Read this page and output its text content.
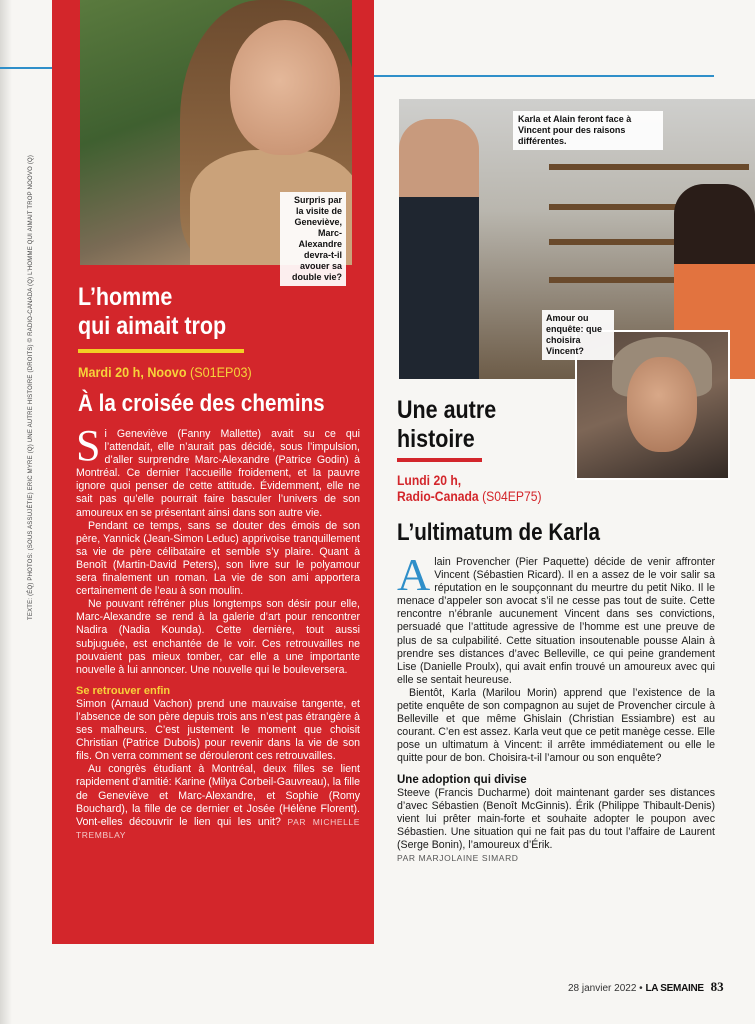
Surpris par la visite de Geneviève, Marc-Alexandre devra-t-il avouer sa double vie?
L’homme
qui aimait trop
Mardi 20 h, Noovo (S01EP03)
À la croisée des chemins

Si Geneviève (Fanny Mallette) avait su ce qui l’attendait, elle n’aurait pas décidé, sous l’impulsion, d’aller surprendre Marc-Alexandre (Patrice Godin) à Montréal. Ce dernier l’accueille froidement, et la pauvre ignore quoi penser de cette attitude. Évidemment, elle ne sait pas qu’elle pourrait faire basculer l’univers de son amoureux en se présentant ainsi dans son autre vie.

Pendant ce temps, sans se douter des émois de son père, Yannick (Jean-Simon Leduc) apprivoise tranquillement sa vie de père célibataire et semble s’y plaire. Quant à Benoît (Martin-David Peters), son livre sur le polyamour sera finalement un roman. La vie de son ami apportera certainement de l’eau à son moulin.

Ne pouvant réfréner plus longtemps son désir pour elle, Marc-Alexandre se rend à la galerie d’art pour rencontrer Nadira (Nadia Kounda). Cette dernière, tout aussi subjuguée, est enchantée de le voir. Ces retrouvailles ne pouvaient pas mieux tomber, car elle a une importante nouvelle à lui annoncer. Une nouvelle qui le bouleversera.

Se retrouver enfin

Simon (Arnaud Vachon) prend une mauvaise tangente, et l’absence de son père depuis trois ans n’est pas étrangère à ses malheurs. C’est justement le moment que choisit Christian (Patrice Dubois) pour revenir dans la vie de son fils. On verra comment se dérouleront ces retrouvailles.

Au congrès étudiant à Montréal, deux filles se lient rapidement d’amitié: Karine (Milya Corbeil-Gauvreau), la fille de Geneviève et Marc-Alexandre, et Sophie (Romy Bouchard), la fille de ce dernier et Josée (Hélène Florent). Vont-elles découvrir le lien qui les unit? PAR MICHELLE TREMBLAY

TEXTE: (ÉQ) PHOTOS: (SOUS ASSUJÉTIE) ERIC MYRE (Q) UNE AUTRE HISTOIRE (DROITS) © RADIO-CANADA (Q) L’HOMME QUI AIMAIT TROP NOOVO (Q)
Karla et Alain feront face à Vincent pour des raisons différentes.
Amour ou enquête: que choisira Vincent?
Une autre
histoire
Lundi 20 h,
Radio-Canada (S04EP75)
L’ultimatum de Karla

Alain Provencher (Pier Paquette) décide de venir affronter Vincent (Sébastien Ricard). Il en a assez de le voir salir sa réputation en le soupçonnant du meurtre du petit Niko. Il le menace d’appeler son avocat s’il ne cesse pas tout de suite. Cette rencontre n’ébranle aucunement Vincent dans ses convictions, persuadé que l’attitude agressive de l’homme est une preuve de plus de sa culpabilité. Cette situation insoutenable pousse Alain à prendre ses distances d’avec Belleville, ce qui peine grandement Lise (Danielle Proulx), qui avait enfin trouvé un amoureux avec qui elle se sentait heureuse.

Bientôt, Karla (Marilou Morin) apprend que l’existence de la petite enquête de son compagnon au sujet de Provencher circule à Belleville et que même Ghislain (Christian Essiambre) est au courant. C’en est assez. Karla veut que ce petit manège cesse. Elle pose un ultimatum à Vincent: il arrête immédiatement ou elle le quitte pour de bon. Choisira-t-il l’amour ou son enquête?

Une adoption qui divise

Steeve (Francis Ducharme) doit maintenant garder ses distances d’avec Sébastien (Benoît McGinnis). Érik (Philippe Thibault-Denis) vient lui prêter main-forte et souhaite adopter le poupon avec Sébastien. Une situation qui ne fait pas du tout l’affaire de Laurent (Serge Bonin), l’amoureux d’Érik.

PAR MARJOLAINE SIMARD

28 janvier 2022 • LA SEMAINE 83
